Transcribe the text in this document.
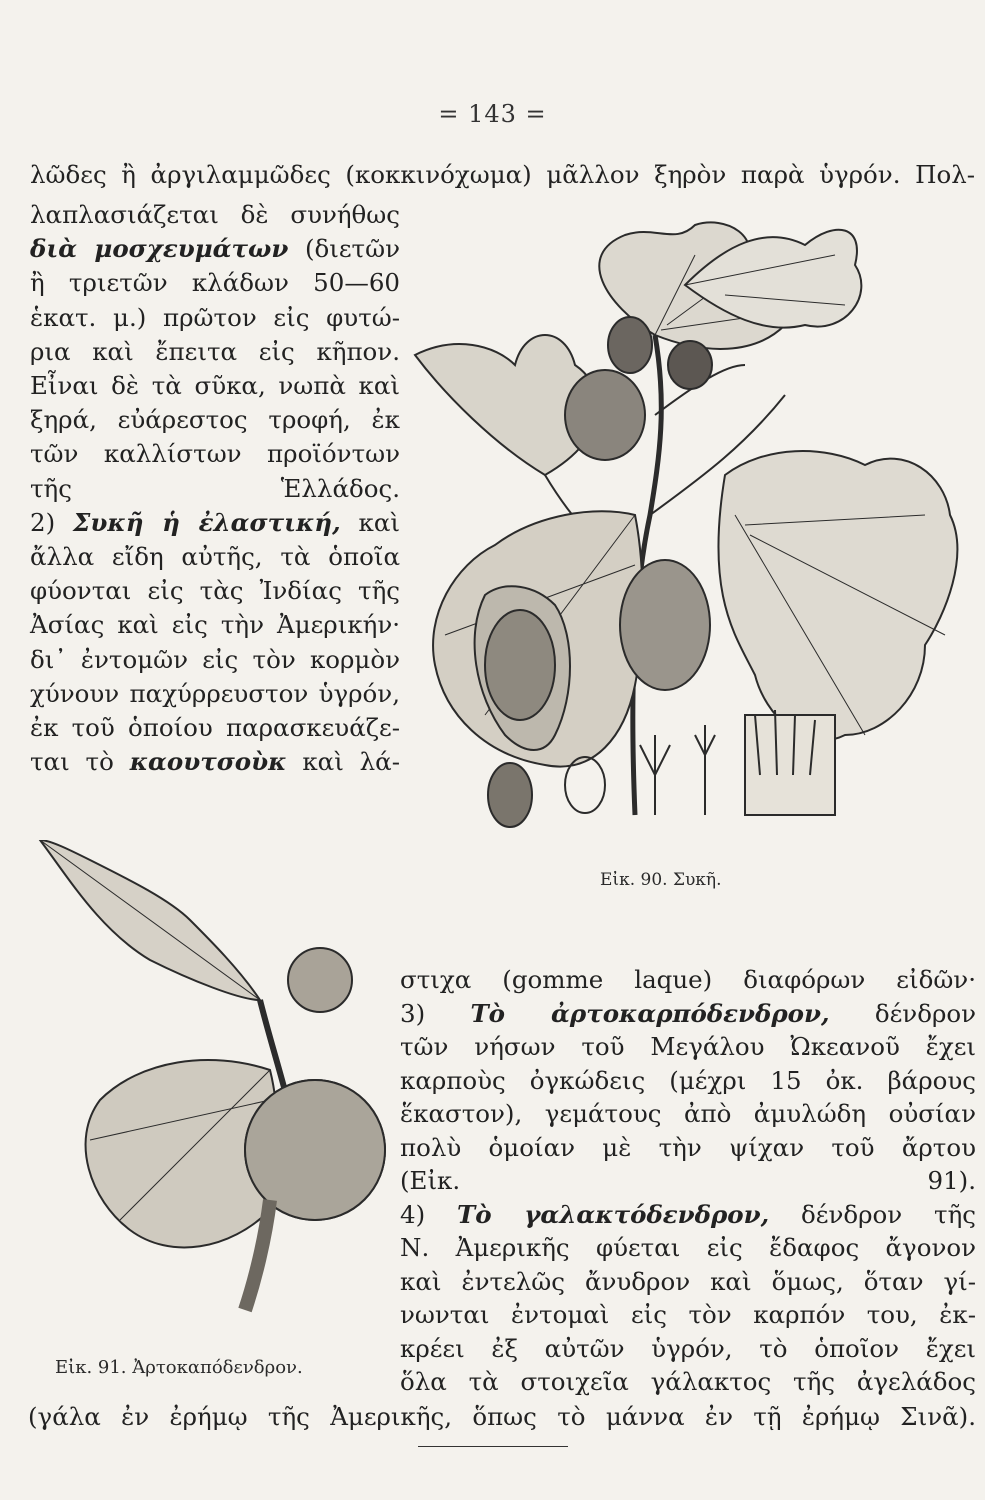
= 143 =
λῶδες ἢ ἀργιλαμμῶδες (κοκκινόχωμα) μᾶλλον ξηρὸν παρὰ ὑγρόν. Πολ-
λαπλασιάζεται δὲ συνήθως
διὰ μοσχευμάτων (διετῶν
ἢ τριετῶν κλάδων 50—60
ἑκατ. μ.) πρῶτον εἰς φυτώ-
ρια καὶ ἔπειτα εἰς κῆπον.
Εἶναι δὲ τὰ σῦκα, νωπὰ καὶ
ξηρά, εὐάρεστος τροφή, ἐκ
τῶν καλλίστων προϊόντων
τῆς Ἑλλάδος.
2) Συκῆ ἡ ἐλαστική, καὶ
ἄλλα εἴδη αὐτῆς, τὰ ὁποῖα
φύονται εἰς τὰς Ἰνδίας τῆς
Ἀσίας καὶ εἰς τὴν Ἀμερικήν·
δι᾽ ἐντομῶν εἰς τὸν κορμὸν
χύνουν παχύρρευστον ὑγρόν,
ἐκ τοῦ ὁποίου παρασκευάζε-
ται τὸ καουτσοὺκ καὶ λά-
Εἰκ. 90. Συκῆ.
Εἰκ. 91. Ἀρτοκαπόδενδρον.
στιχα (gomme laque) διαφόρων εἰδῶν·
3) Τὸ ἀρτοκαρπόδενδρον, δένδρον
τῶν νήσων τοῦ Μεγάλου Ὠκεανοῦ ἔχει
καρποὺς ὀγκώδεις (μέχρι 15 ὀκ. βάρους
ἕκαστον), γεμάτους ἀπὸ ἀμυλώδη οὐσίαν
πολὺ ὁμοίαν μὲ τὴν ψίχαν τοῦ ἄρτου
(Εἰκ. 91).
4) Τὸ γαλακτόδενδρον, δένδρον τῆς
Ν. Ἀμερικῆς φύεται εἰς ἔδαφος ἄγονον
καὶ ἐντελῶς ἄνυδρον καὶ ὅμως, ὅταν γί-
νωνται ἐντομαὶ εἰς τὸν καρπόν του, ἐκ-
κρέει ἐξ αὐτῶν ὑγρόν, τὸ ὁποῖον ἔχει
ὅλα τὰ στοιχεῖα γάλακτος τῆς ἀγελάδος
(γάλα ἐν ἐρήμῳ τῆς Ἀμερικῆς, ὅπως τὸ μάννα ἐν τῇ ἐρήμῳ Σινᾶ).
